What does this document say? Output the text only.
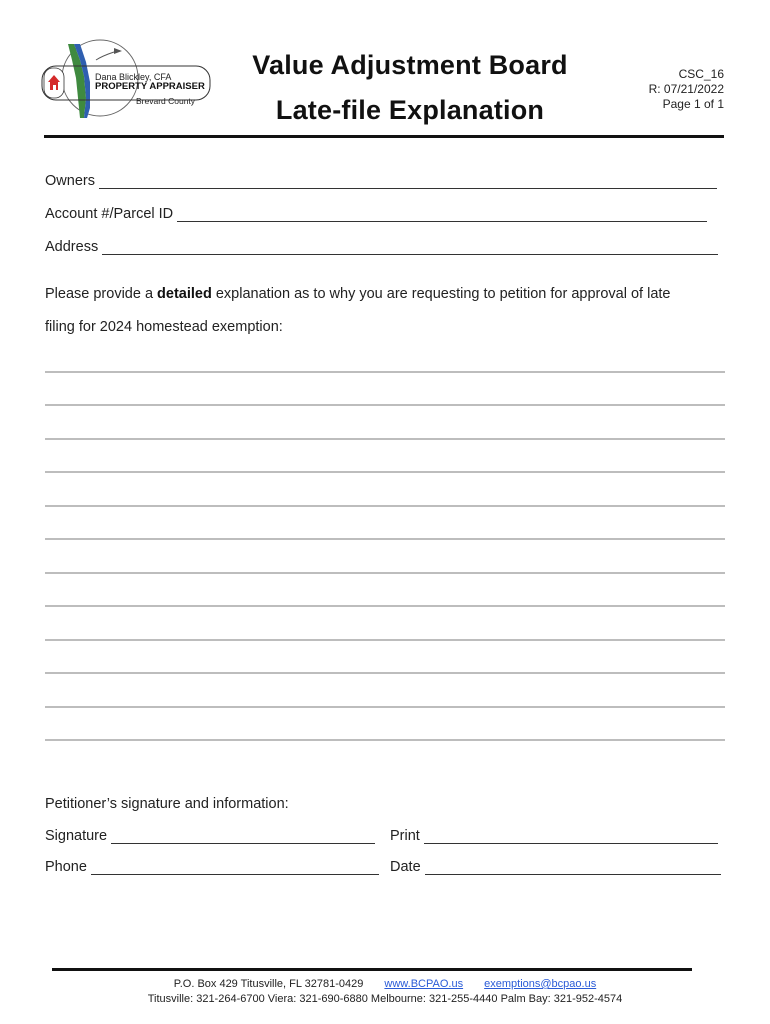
Dana Blickley, CFA
PROPERTY APPRAISER
Brevard County
Value Adjustment Board
Late-file Explanation
CSC_16
R: 07/21/2022
Page 1 of 1
Owners
Account #/Parcel ID
Address
Please provide a detailed explanation as to why you are requesting to petition for approval of late
filing for 2024 homestead exemption:
Petitioner’s signature and information:
Signature	Print
Phone	Date
P.O. Box 429 Titusville, FL 32781-0429 www.BCPAO.us exemptions@bcpao.us
Titusville: 321-264-6700 Viera: 321-690-6880 Melbourne: 321-255-4440 Palm Bay: 321-952-4574
